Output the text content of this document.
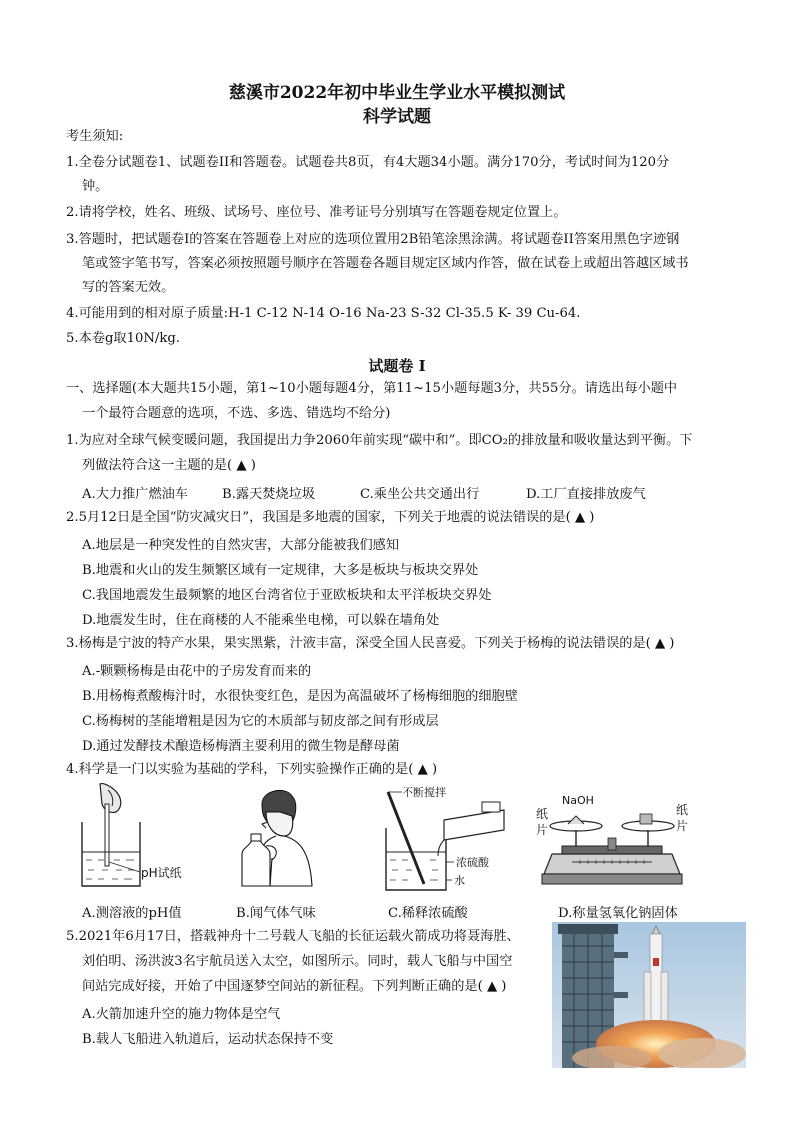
慈溪市2022年初中毕业生学业水平模拟测试
科学试题
考生须知:
1.全卷分试题卷1、试题卷II和答题卷。试题卷共8页，有4大题34小题。满分170分，考试时间为120分
钟。
2.请将学校，姓名、班级、试场号、座位号、准考证号分别填写在答题卷规定位置上。
3.答题时，把试题卷I的答案在答题卷上对应的选项位置用2B铅笔涂黑涂满。将试题卷II答案用黑色字迹钢
笔或签字笔书写，答案必须按照题号顺序在答题卷各题目规定区域内作答，做在试卷上或超出答越区域书
写的答案无效。
4.可能用到的相对原子质量:H-1 C-12 N-14 O-16 Na-23 S-32 Cl-35.5 K- 39 Cu-64.
5.本卷g取10N/kg.
试题卷 I
一、选择题(本大题共15小题，第1~10小题每题4分，第11~15小题每题3分，共55分。请选出每小题中
一个最符合题意的选项，不选、多选、错选均不给分)
1.为应对全球气候变暖问题，我国提出力争2060年前实现“碳中和”。即CO₂的排放量和吸收量达到平衡。下
列做法符合这一主题的是( ▲ )
A.大力推广燃油车	B.露天焚烧垃圾	C.乘坐公共交通出行	D.工厂直接排放废气
2.5月12日是全国“防灾减灾日”，我国是多地震的国家，下列关于地震的说法错误的是( ▲ )
A.地层是一种突发性的自然灾害，大部分能被我们感知
B.地震和火山的发生频繁区域有一定规律，大多是板块与板块交界处
C.我国地震发生最频繁的地区台湾省位于亚欧板块和太平洋板块交界处
D.地震发生时，住在商楼的人不能乘坐电梯，可以躲在墙角处
3.杨梅是宁波的特产水果，果实黑紫，汁液丰富，深受全国人民喜爱。下列关于杨梅的说法错误的是( ▲ )
A.-颗颗杨梅是由花中的子房发育而来的
B.用杨梅煮酸梅汁时，水很快变红色，是因为高温破坏了杨梅细胞的细胞壁
C.杨梅树的茎能增粗是因为它的木质部与韧皮部之间有形成层
D.通过发酵技术酿造杨梅酒主要利用的微生物是酵母菌
4.科学是一门以实验为基础的学科，下列实验操作正确的是( ▲ )
pH试纸
不断搅拌
浓硫酸
水
NaOH
纸
片
纸
片
A.测溶液的pH值	B.闻气体气味	C.稀释浓硫酸	D.称量氢氧化钠固体
5.2021年6月17日，搭载神舟十二号载人飞船的长征运载火箭成功将聂海胜、
刘伯明、汤洪波3名宇航员送入太空，如图所示。同时，载人飞船与中国空
间站完成好接，开始了中国逐梦空间站的新征程。下列判断正确的是( ▲ )
A.火箭加速升空的施力物体是空气
B.载人飞船进入轨道后，运动状态保持不变
